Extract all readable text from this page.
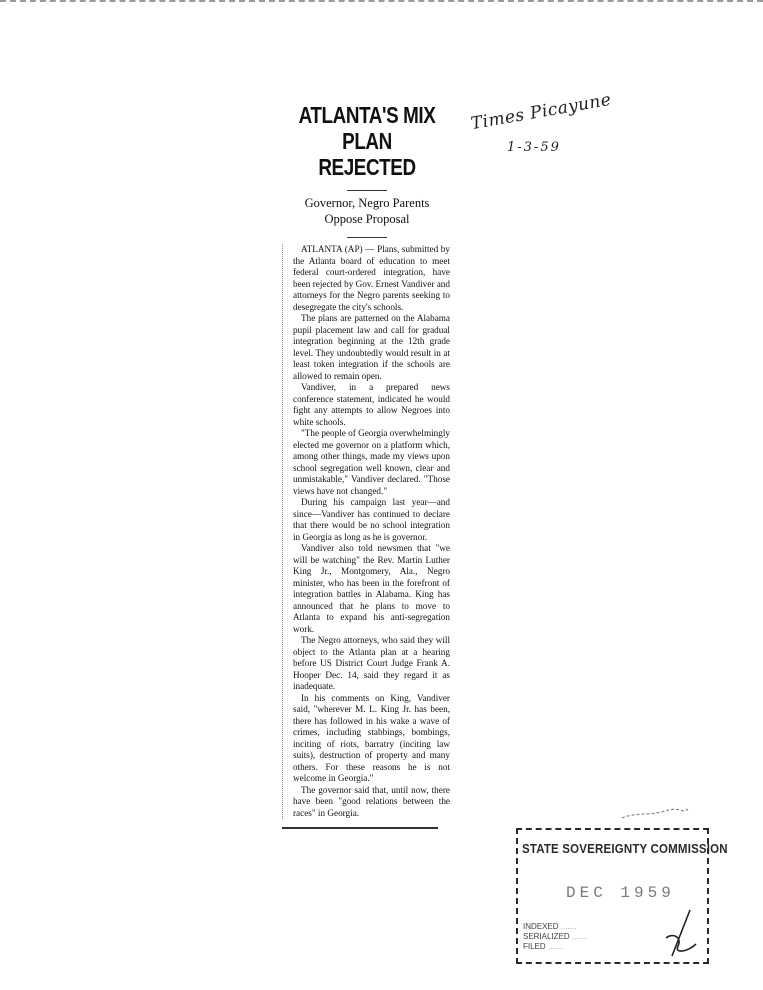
ATLANTA'S MIX
PLAN REJECTED
Governor, Negro Parents
Oppose Proposal

ATLANTA (AP) — Plans, submitted by the Atlanta board of education to meet federal court-ordered integration, have been rejected by Gov. Ernest Vandiver and attorneys for the Negro parents seeking to desegregate the city's schools.

The plans are patterned on the Alabama pupil placement law and call for gradual integration beginning at the 12th grade level. They undoubtedly would result in at least token integration if the schools are allowed to remain open.

Vandiver, in a prepared news conference statement, indicated he would fight any attempts to allow Negroes into white schools.

"The people of Georgia overwhelmingly elected me governor on a platform which, among other things, made my views upon school segregation well known, clear and unmistakable," Vandiver declared. "Those views have not changed."

During his campaign last year—and since—Vandiver has continued to declare that there would be no school integration in Georgia as long as he is governor.

Vandiver also told newsmen that "we will be watching" the Rev. Martin Luther King Jr., Montgomery, Ala., Negro minister, who has been in the forefront of integration battles in Alabama. King has announced that he plans to move to Atlanta to expand his anti-segregation work.

The Negro attorneys, who said they will object to the Atlanta plan at a hearing before US District Court Judge Frank A. Hooper Dec. 14, said they regard it as inadequate.

In his comments on King, Vandiver said, "wherever M. L. King Jr. has been, there has followed in his wake a wave of crimes, including stabbings, bombings, inciting of riots, barratry (inciting law suits), destruction of property and many others. For these reasons he is not welcome in Georgia."

The governor said that, until now, there have been "good relations between the races" in Georgia.

Times Picayune
1-3-59
STATE SOVEREIGNTY COMMISSION
DEC 1959
INDEXED .......
SERIALIZED .......
FILED .......
